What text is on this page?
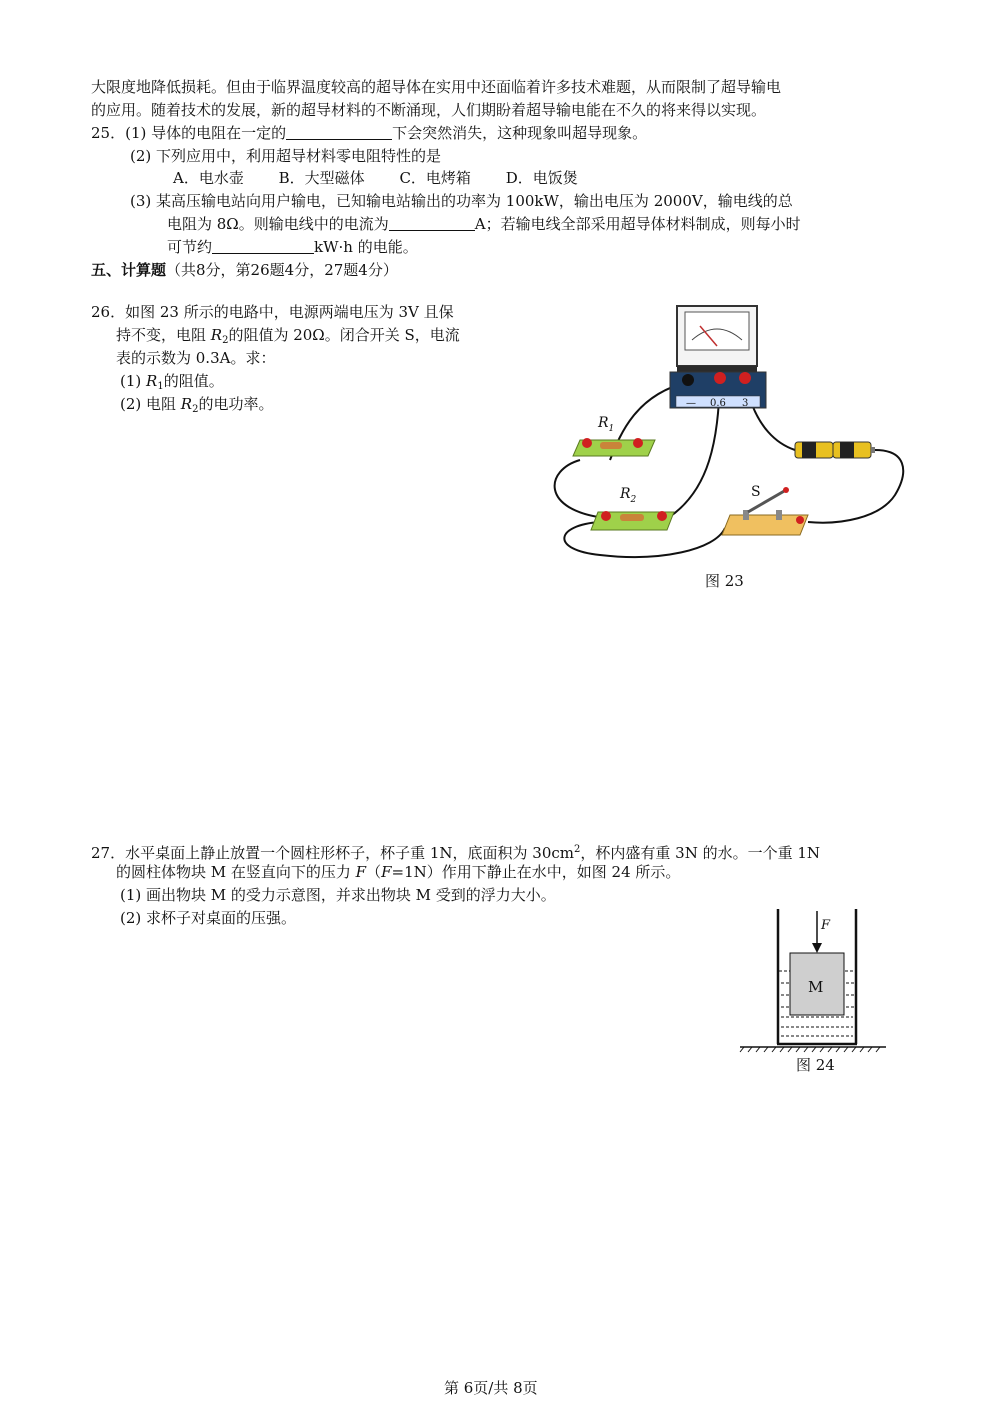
大限度地降低损耗。但由于临界温度较高的超导体在实用中还面临着许多技术难题，从而限制了超导输电
的应用。随着技术的发展，新的超导材料的不断涌现，人们期盼着超导输电能在不久的将来得以实现。
25．(1) 导体的电阻在一定的	下会突然消失，这种现象叫超导现象。
(2) 下列应用中，利用超导材料零电阻特性的是
A．电水壶 B．大型磁体 C．电烤箱 D．电饭煲
(3) 某高压输电站向用户输电，已知输电站输出的功率为 100kW，输出电压为 2000V，输电线的总
电阻为 8Ω。则输电线中的电流为	A；若输电线全部采用超导体材料制成，则每小时
可节约	kW·h 的电能。
五、计算题（共8分，第26题4分，27题4分）
26．如图 23 所示的电路中，电源两端电压为 3V 且保
持不变，电阻 $R_2$的阻值为 20Ω。闭合开关 S，电流
表的示数为 0.3A。求：
(1) $R_1$的阻值。
(2) 电阻 $R_2$的电功率。	— 0.6 3
$R_1$
$R_2$	S
图 23
27．水平桌面上静止放置一个圆柱形杯子，杯子重 1N，底面积为 $30cm^2$，杯内盛有重 3N 的水。一个重 1N
的圆柱体物块 M 在竖直向下的压力 F（F=1N）作用下静止在水中，如图 24 所示。
(1) 画出物块 M 的受力示意图，并求出物块 M 受到的浮力大小。
(2) 求杯子对桌面的压强。
M
F
图 24
第 6页/共 8页
